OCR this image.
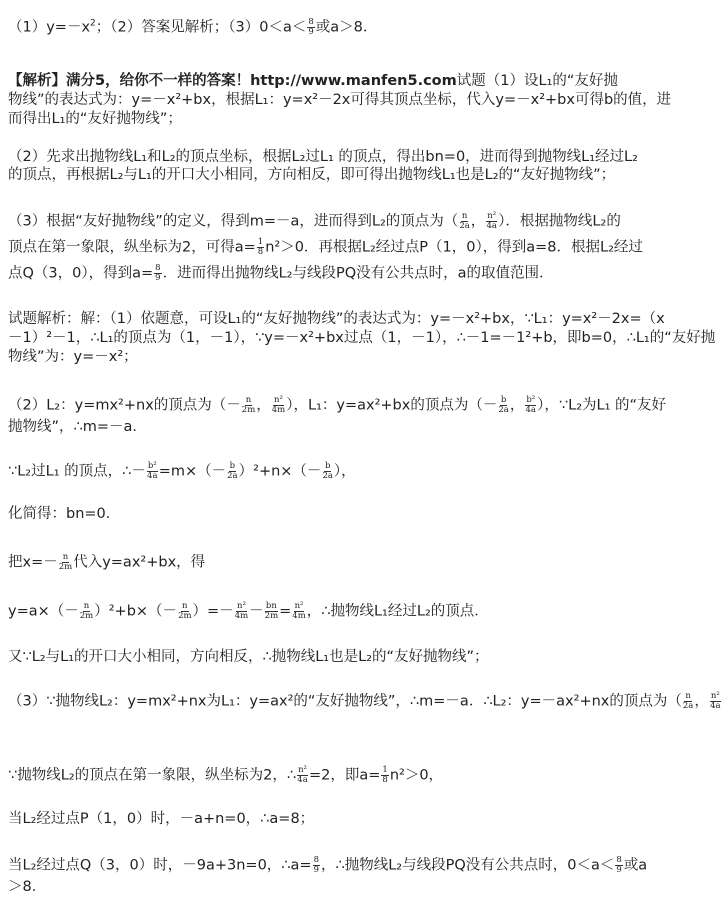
$(1)y=-x^2$；（2）答案见解析；$(3)0<a< \frac{8}{9}$ 或a＞8．
【解析】满分5，给你不一样的答案！http://www.manfen5.com试题（1）设L₁的“友好抛
物线”的表达式为：y=－x²+bx，根据L₁：y=x²－2x可得其顶点坐标，代入y=－x²+bx可得b的值，进
而得出L₁的“友好抛物线”；
（2）先求出抛物线L₁和L₂的顶点坐标，根据L₂过L₁ 的顶点，得出bn=0，进而得到抛物线L₁经过L₂
的顶点，再根据L₂与L₁的开口大小相同，方向相反，即可得出抛物线L₁也是L₂的“友好抛物线”；
（3）根据“友好抛物线”的定义，得到m=－a，进而得到L₂的顶点为（ $\frac{n}{2a}$ ， $\frac{\text{n²}}{4a}$ ）．根据抛物线L₂的
顶点在第一象限，纵坐标为2，可得$a= \frac{1}{8} n^2>0$．再根据L₂经过点P（1，0），得到a=8．根据L₂经过
点Q（3，0），得到$a= \frac{8}{9}$ ．进而得出抛物线L₂与线段PQ没有公共点时，a的取值范围．
试题解析：解：（1）依题意，可设L₁的“友好抛物线”的表达式为：y=－x²+bx，∵L₁：y=x²－2x=（x
－1）²－1，∴L₁的顶点为（1，－1），∵y=－x²+bx过点（1，－1），∴－1=－1²+b，即b=0，∴L₁的“友好抛
物线”为：y=－x²；
（2）L₂：y=mx²+nx的顶点为（－ $\frac{n}{2m}$ ， $\frac{\text{n²}}{4m}$ ），L₁：y=ax²+bx的顶点为（－ $\frac{b}{2a}$ ， $\frac{\text{b²}}{4a}$ ），∵L₂为L₁ 的“友好
抛物线”，∴m=－a．
∵L₂过L₁ 的顶点，∴－ $\frac{\text{b²}}{4a} =m\times(- \frac{b}{2a} )^2+n\times(- \frac{b}{2a}$ ），
化简得：bn=0．
把$x=- \frac{n}{2m}$ 代入y=ax²+bx，得
$y=a\times(- \frac{n}{2m} )^2+b\times(- \frac{n}{2m}$ ）=－ $\frac{\text{n²}}{4m} - \frac{bn}{2m} = \frac{\text{n²}}{4m}$ ，∴抛物线L₁经过L₂的顶点．
又∵L₂与L₁的开口大小相同，方向相反，∴抛物线L₁也是L₂的“友好抛物线”；
（3）∵抛物线L₂：y=mx²+nx为L₁：y=ax²的“友好抛物线”，∴m=－a．∴L₂：y=－ax²+nx的顶点为（ $\frac{n}{2a}$ ， $\frac{\text{n²}}{4a}$
∵抛物线L₂的顶点在第一象限，纵坐标为2，∴ $\frac{\text{n²}}{4a} =2$，即$a= \frac{1}{8} n^2>0$，
当L₂经过点P（1，0）时，－a+n=0，∴a=8；
当L₂经过点Q（3，0）时，－9a+3n=0，∴a= $\frac{8}{9}$ ，∴抛物线L₂与线段PQ没有公共点时，$0<a< \frac{8}{9}$ 或a
＞8．
